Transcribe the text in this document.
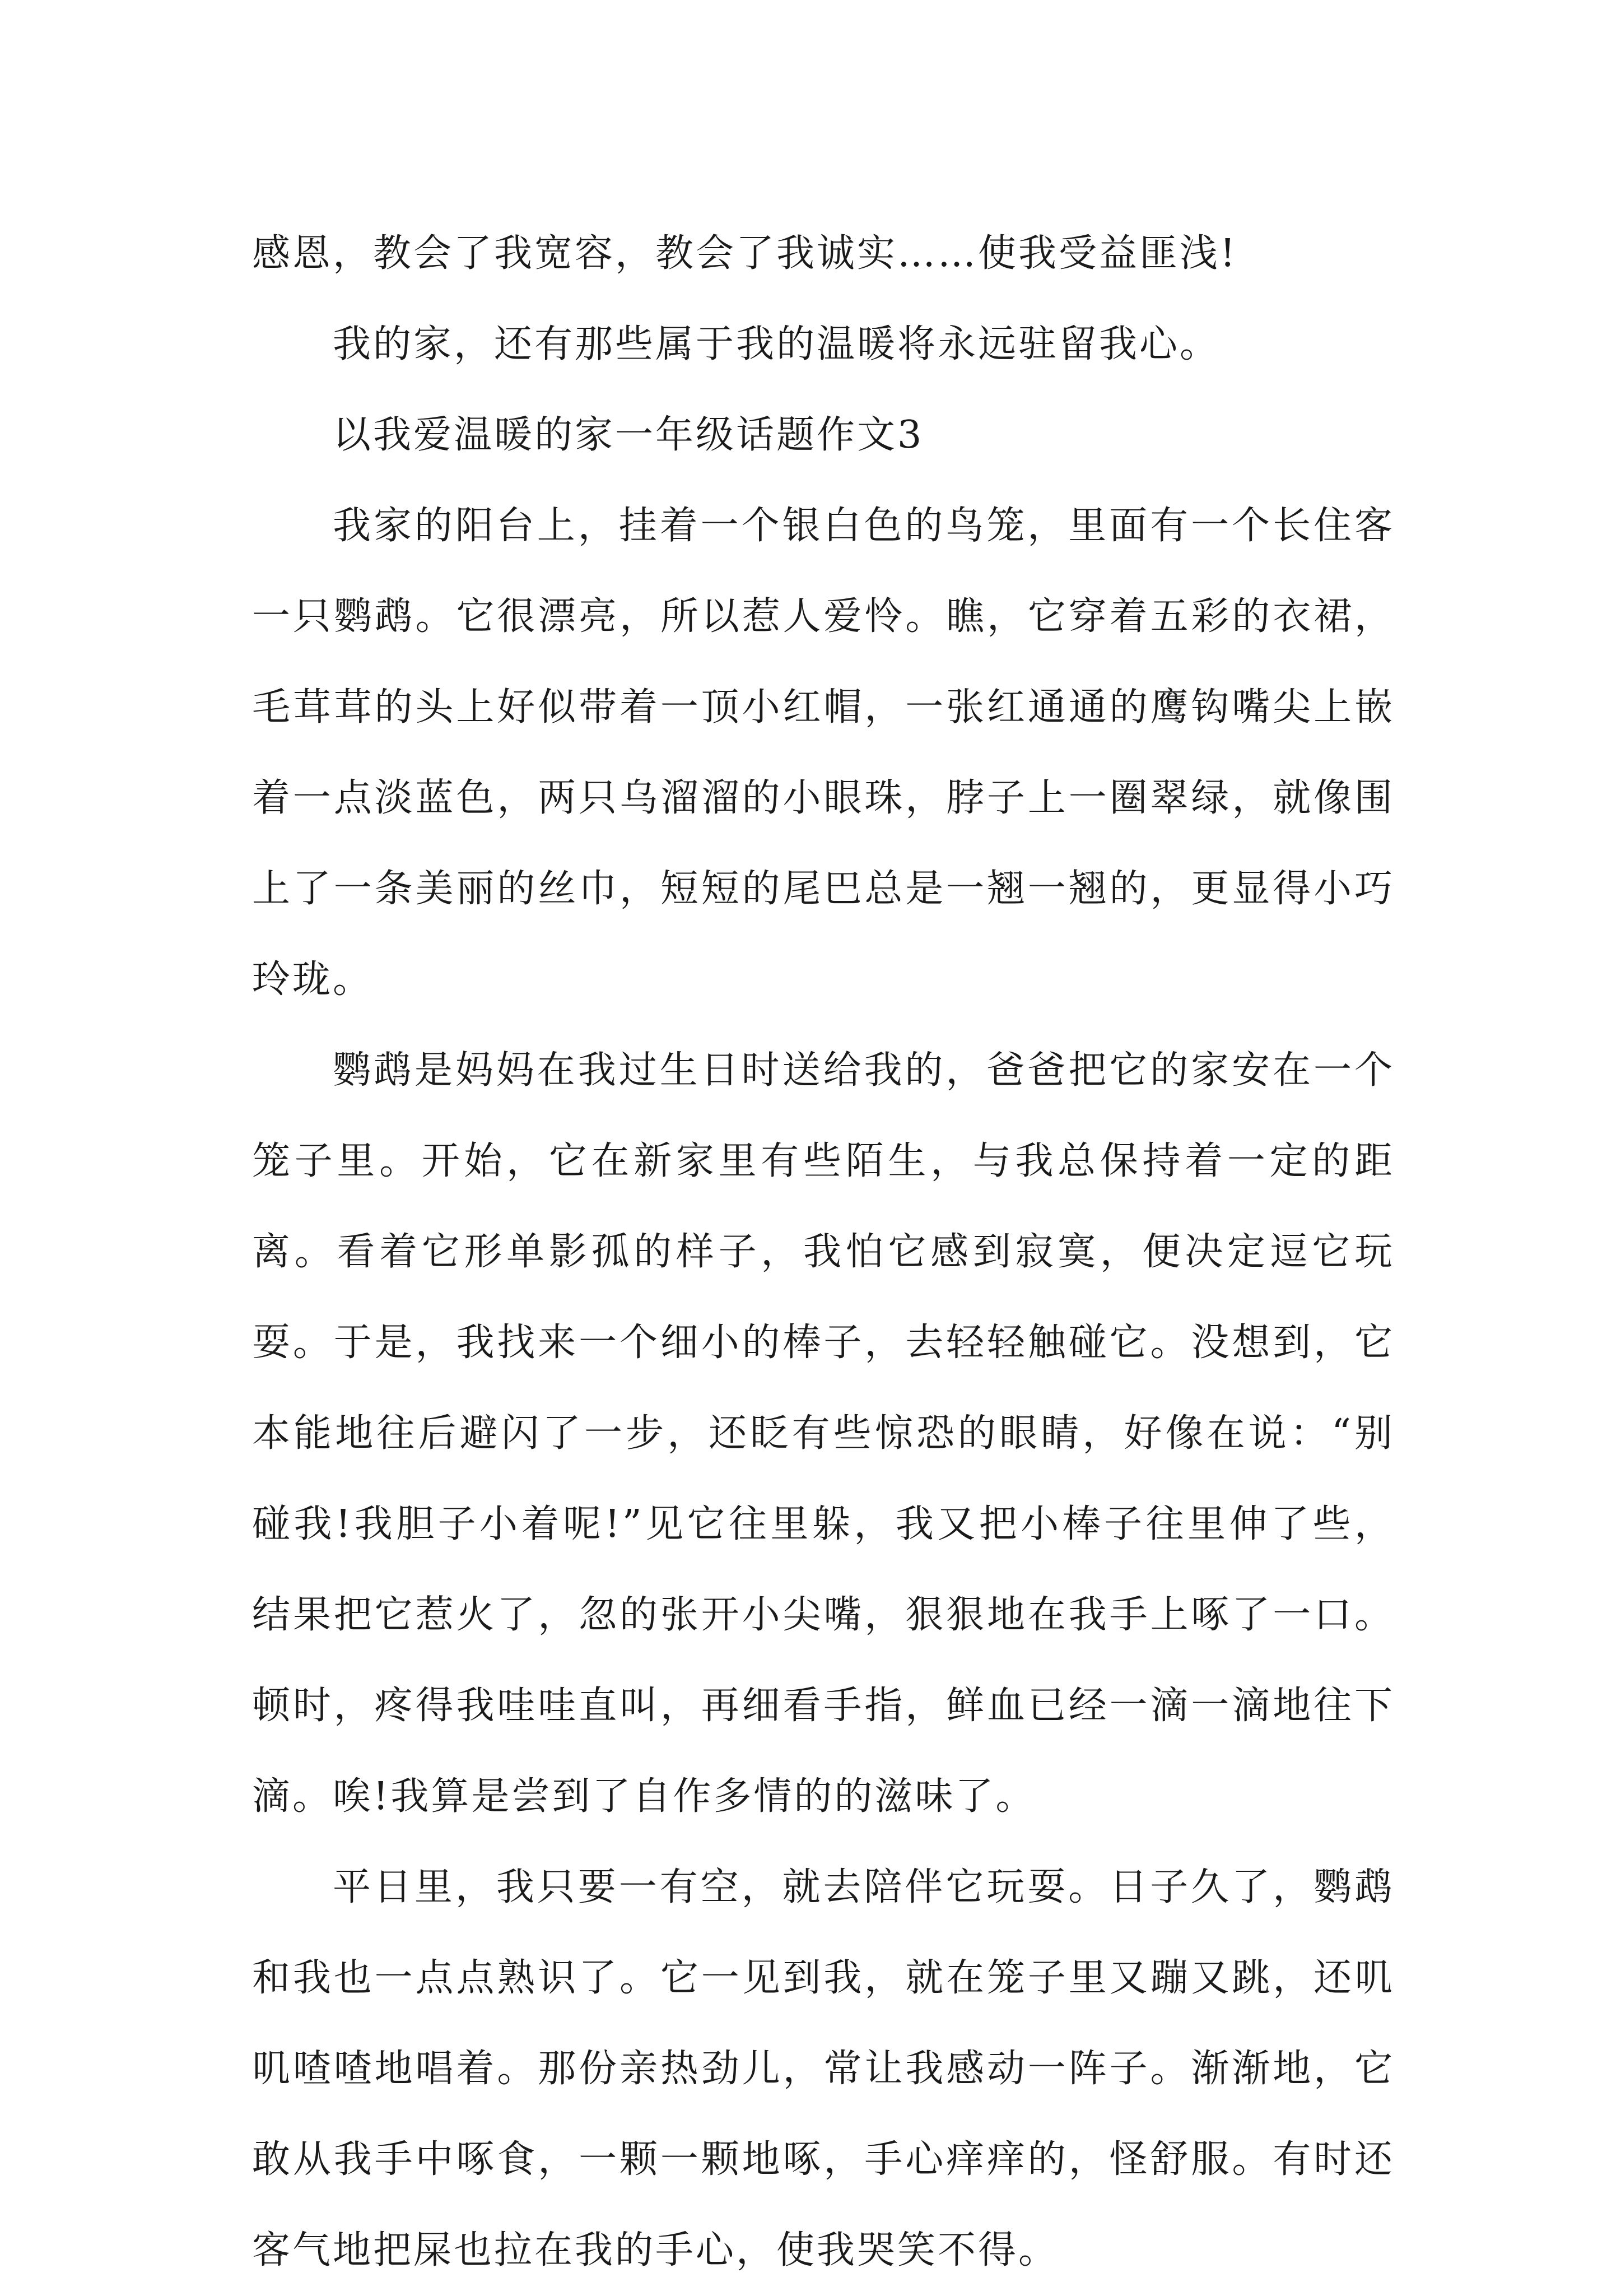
感恩，教会了我宽容，教会了我诚实……使我受益匪浅!

我的家，还有那些属于我的温暖将永远驻留我心。

以我爱温暖的家一年级话题作文3

我家的阳台上，挂着一个银白色的鸟笼，里面有一个长住客一只鹦鹉。它很漂亮，所以惹人爱怜。瞧，它穿着五彩的衣裙，毛茸茸的头上好似带着一顶小红帽，一张红通通的鹰钩嘴尖上嵌着一点淡蓝色，两只乌溜溜的小眼珠，脖子上一圈翠绿，就像围上了一条美丽的丝巾，短短的尾巴总是一翘一翘的，更显得小巧玲珑。

鹦鹉是妈妈在我过生日时送给我的，爸爸把它的家安在一个笼子里。开始，它在新家里有些陌生，与我总保持着一定的距离。看着它形单影孤的样子，我怕它感到寂寞，便决定逗它玩耍。于是，我找来一个细小的棒子，去轻轻触碰它。没想到，它本能地往后避闪了一步，还眨有些惊恐的眼睛，好像在说：“别碰我!我胆子小着呢!”见它往里躲，我又把小棒子往里伸了些，结果把它惹火了，忽的张开小尖嘴，狠狠地在我手上啄了一口。顿时，疼得我哇哇直叫，再细看手指，鲜血已经一滴一滴地往下滴。唉!我算是尝到了自作多情的的滋味了。

平日里，我只要一有空，就去陪伴它玩耍。日子久了，鹦鹉和我也一点点熟识了。它一见到我，就在笼子里又蹦又跳，还叽叽喳喳地唱着。那份亲热劲儿，常让我感动一阵子。渐渐地，它敢从我手中啄食，一颗一颗地啄，手心痒痒的，怪舒服。有时还客气地把屎也拉在我的手心，使我哭笑不得。
